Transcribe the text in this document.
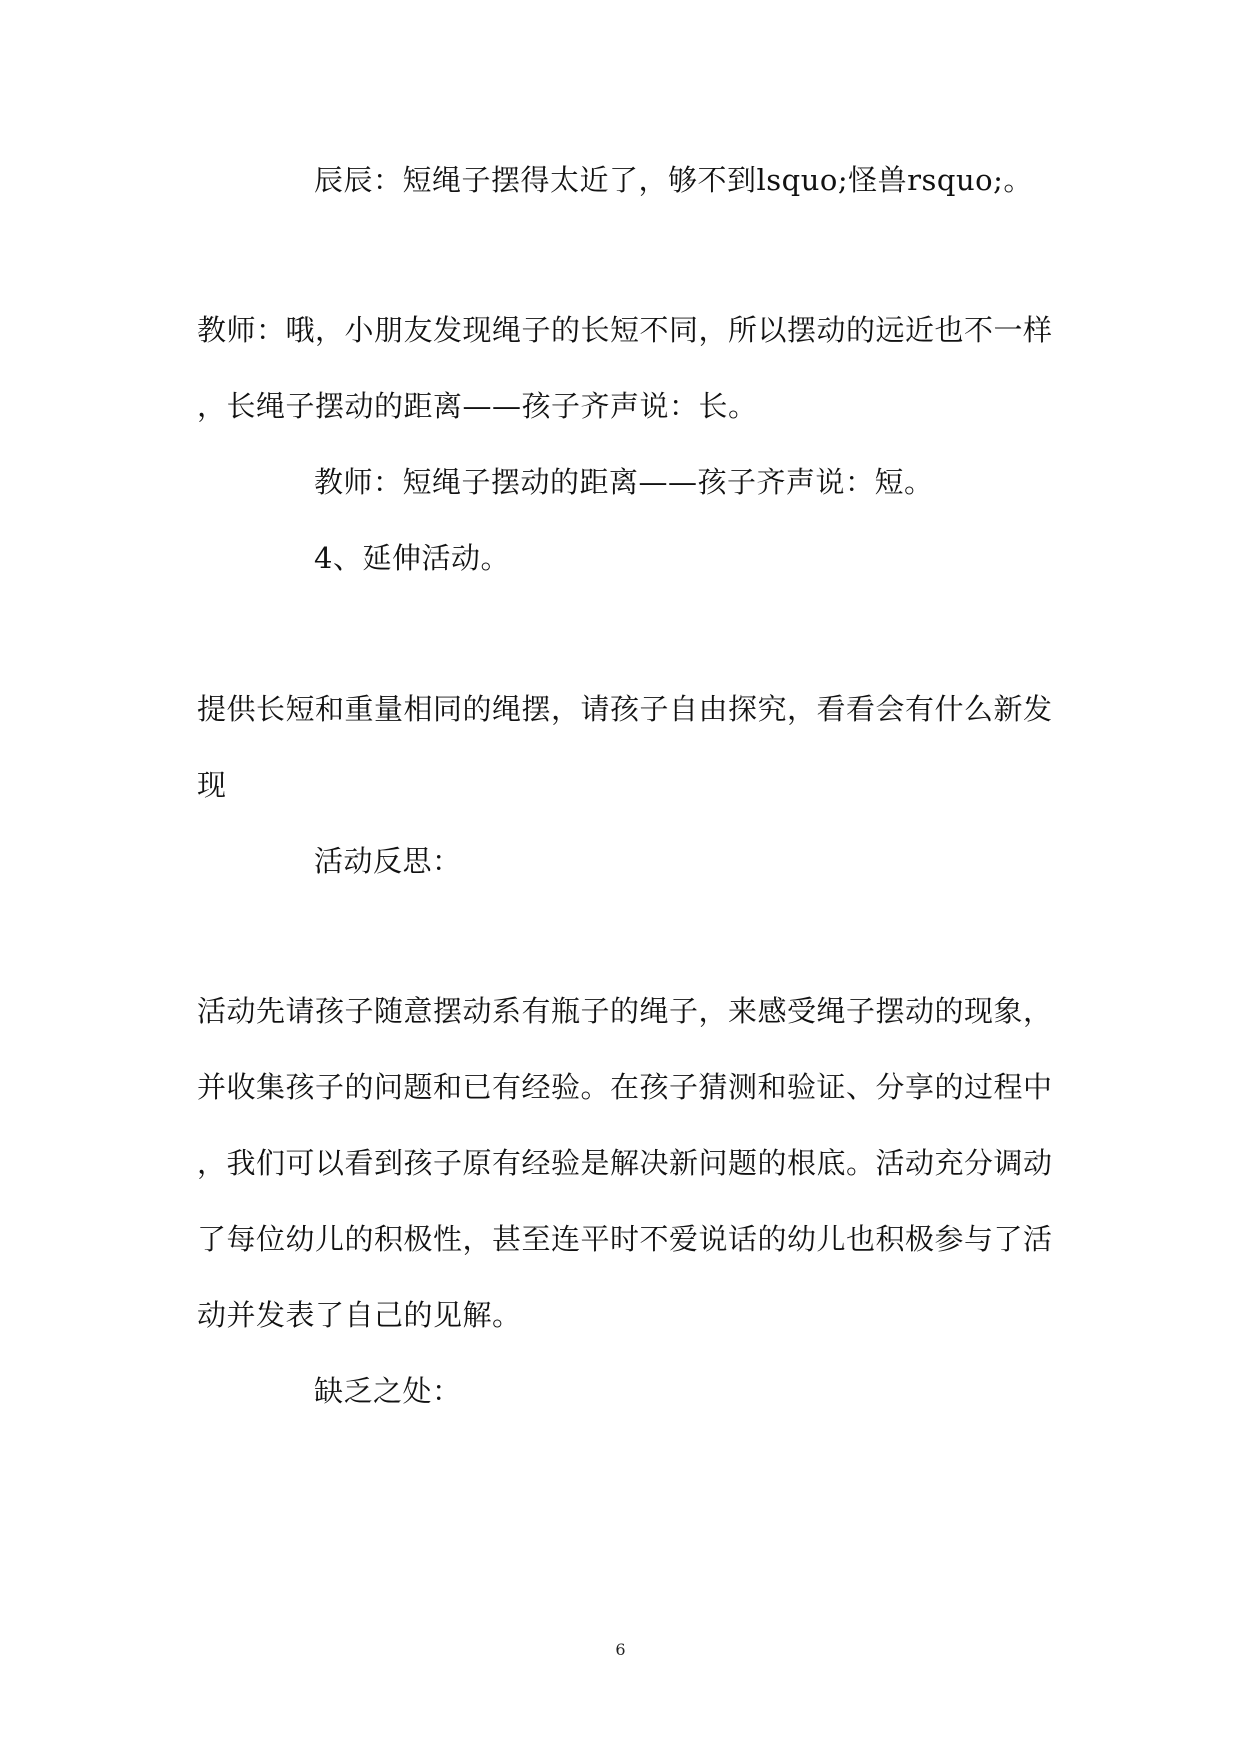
辰辰：短绳子摆得太近了，够不到lsquo;怪兽rsquo;。
教师：哦，小朋友发现绳子的长短不同，所以摆动的远近也不一样
，长绳子摆动的距离——孩子齐声说：长。
教师：短绳子摆动的距离——孩子齐声说：短。
4、延伸活动。
提供长短和重量相同的绳摆，请孩子自由探究，看看会有什么新发
现
活动反思：
活动先请孩子随意摆动系有瓶子的绳子，来感受绳子摆动的现象，
并收集孩子的问题和已有经验。在孩子猜测和验证、分享的过程中
，我们可以看到孩子原有经验是解决新问题的根底。活动充分调动
了每位幼儿的积极性，甚至连平时不爱说话的幼儿也积极参与了活
动并发表了自己的见解。
缺乏之处：
6
